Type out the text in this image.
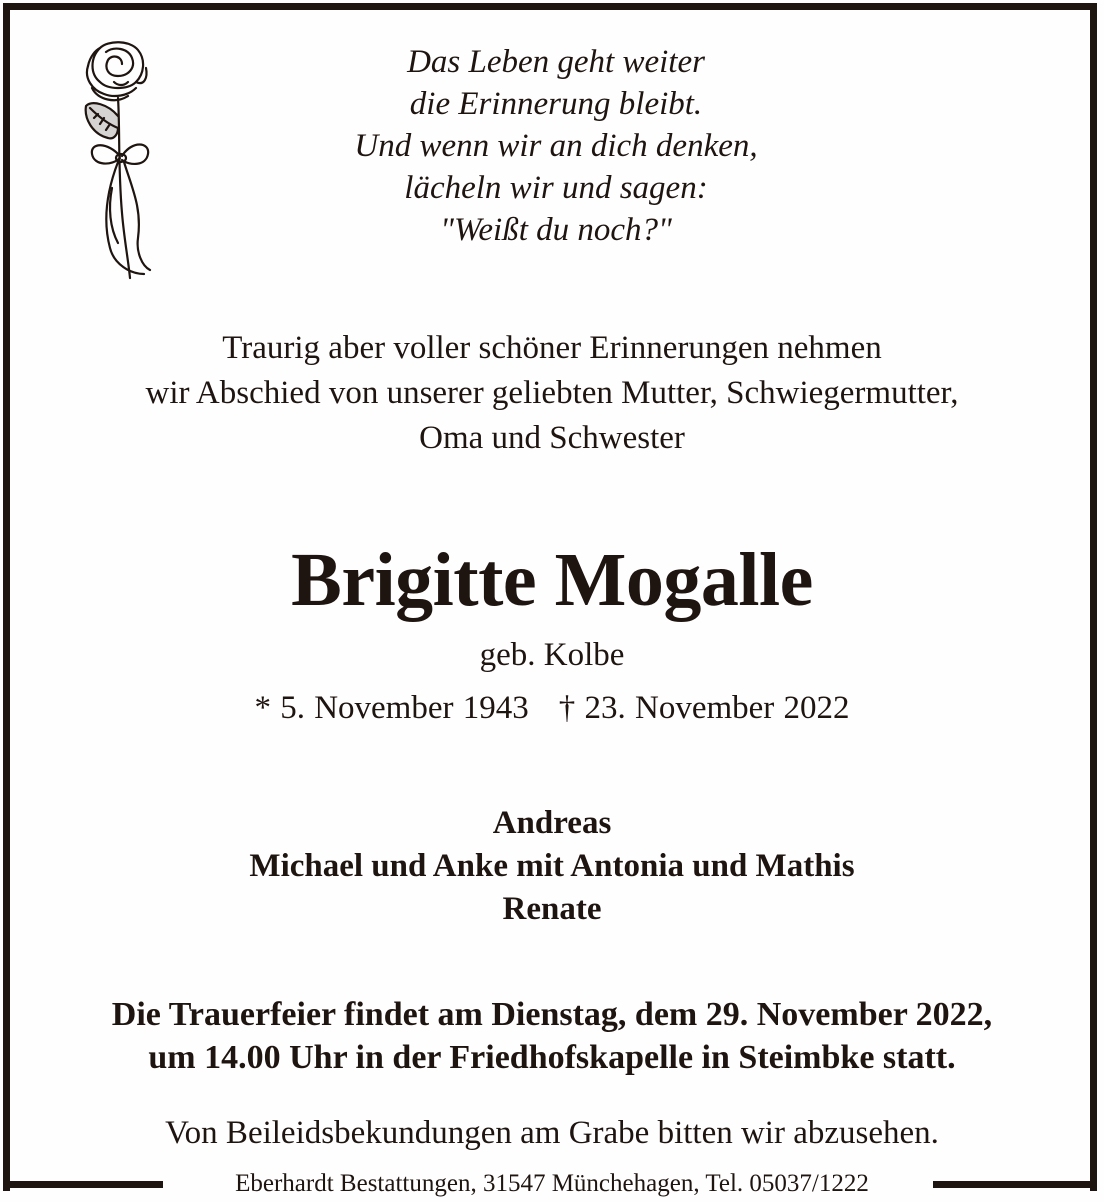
Das Leben geht weiter
die Erinnerung bleibt.
Und wenn wir an dich denken,
lächeln wir und sagen:
"Weißt du noch?"
Traurig aber voller schöner Erinnerungen nehmen
wir Abschied von unserer geliebten Mutter, Schwiegermutter,
Oma und Schwester
Brigitte Mogalle
geb. Kolbe
* 5. November 1943 † 23. November 2022
Andreas
Michael und Anke mit Antonia und Mathis
Renate
Die Trauerfeier findet am Dienstag, dem 29. November 2022,
um 14.00 Uhr in der Friedhofskapelle in Steimbke statt.
Von Beileidsbekundungen am Grabe bitten wir abzusehen.
Eberhardt Bestattungen, 31547 Münchehagen, Tel. 05037/1222
